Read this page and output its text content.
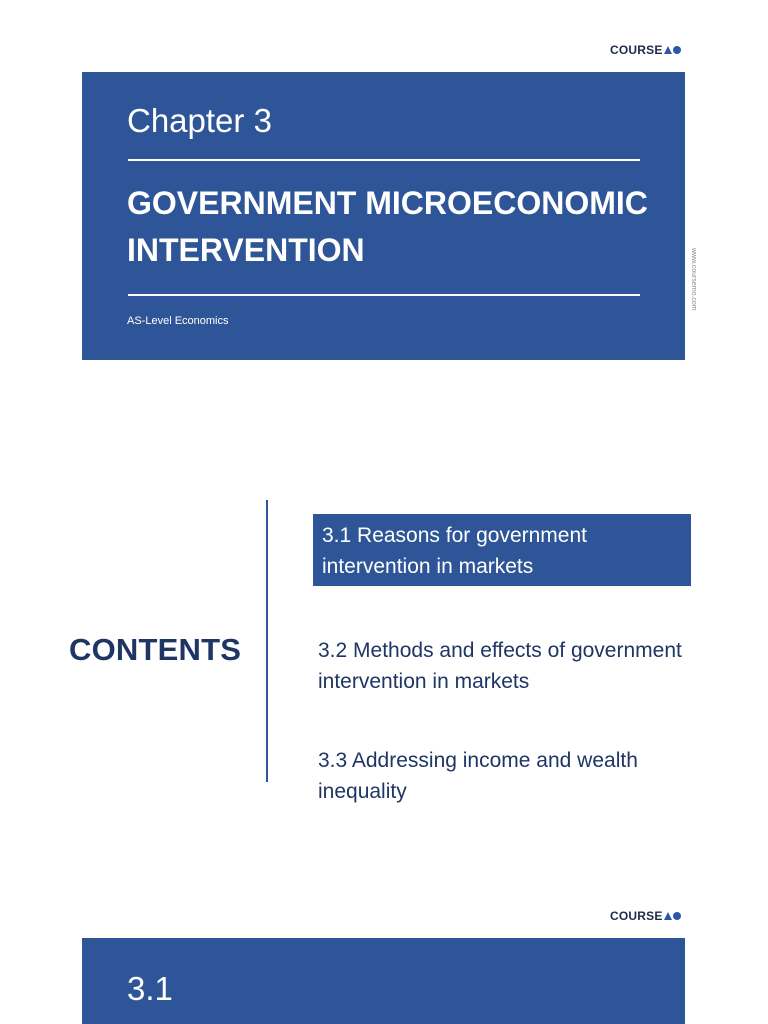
COURSE
Chapter 3
GOVERNMENT MICROECONOMIC
INTERVENTION
AS-Level Economics
www.coursemo.com
CONTENTS
3.1 Reasons for government
intervention in markets
3.2 Methods and effects of government
intervention in markets
3.3 Addressing income and wealth
inequality
COURSE
3.1
